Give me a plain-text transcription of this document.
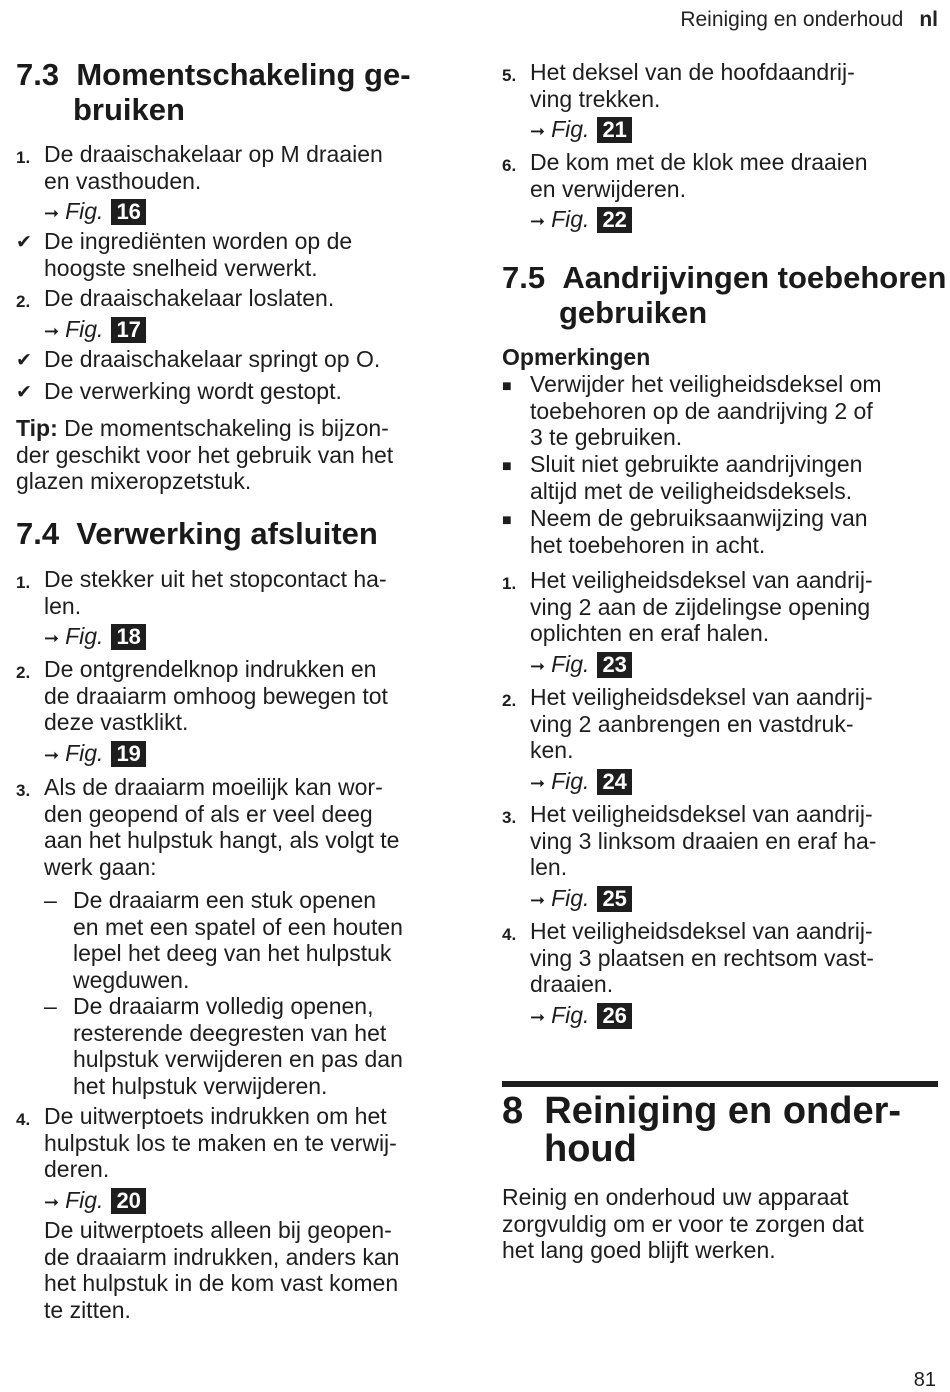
Reiniging en onderhoud nl
7.3 Momentschakeling ge-
bruiken
1. De draaischakelaar op M draaien
en vasthouden.
➞ Fig. 16
✔ De ingrediënten worden op de
hoogste snelheid verwerkt.
2. De draaischakelaar loslaten.
➞ Fig. 17
✔ De draaischakelaar springt op O.
✔ De verwerking wordt gestopt.
Tip: De momentschakeling is bijzon-
der geschikt voor het gebruik van het
glazen mixeropzetstuk.
7.4 Verwerking afsluiten
1. De stekker uit het stopcontact ha-
len.
➞ Fig. 18
2. De ontgrendelknop indrukken en
de draaiarm omhoog bewegen tot
deze vastklikt.
➞ Fig. 19
3. Als de draaiarm moeilijk kan wor-
den geopend of als er veel deeg
aan het hulpstuk hangt, als volgt te
werk gaan:
– De draaiarm een stuk openen
en met een spatel of een houten
lepel het deeg van het hulpstuk
wegduwen.
– De draaiarm volledig openen,
resterende deegresten van het
hulpstuk verwijderen en pas dan
het hulpstuk verwijderen.
4. De uitwerptoets indrukken om het
hulpstuk los te maken en te verwij-
deren.
➞ Fig. 20
De uitwerptoets alleen bij geopen-
de draaiarm indrukken, anders kan
het hulpstuk in de kom vast komen
te zitten.
5. Het deksel van de hoofdaandrij-
ving trekken.
➞ Fig. 21
6. De kom met de klok mee draaien
en verwijderen.
➞ Fig. 22
7.5 Aandrijvingen toebehoren
gebruiken
Opmerkingen
■ Verwijder het veiligheidsdeksel om
toebehoren op de aandrijving 2 of
3 te gebruiken.
■ Sluit niet gebruikte aandrijvingen
altijd met de veiligheidsdeksels.
■ Neem de gebruiksaanwijzing van
het toebehoren in acht.
1. Het veiligheidsdeksel van aandrij-
ving 2 aan de zijdelingse opening
oplichten en eraf halen.
➞ Fig. 23
2. Het veiligheidsdeksel van aandrij-
ving 2 aanbrengen en vastdruk-
ken.
➞ Fig. 24
3. Het veiligheidsdeksel van aandrij-
ving 3 linksom draaien en eraf ha-
len.
➞ Fig. 25
4. Het veiligheidsdeksel van aandrij-
ving 3 plaatsen en rechtsom vast-
draaien.
➞ Fig. 26
8 Reiniging en onder-
houd
Reinig en onderhoud uw apparaat
zorgvuldig om er voor te zorgen dat
het lang goed blijft werken.
81
